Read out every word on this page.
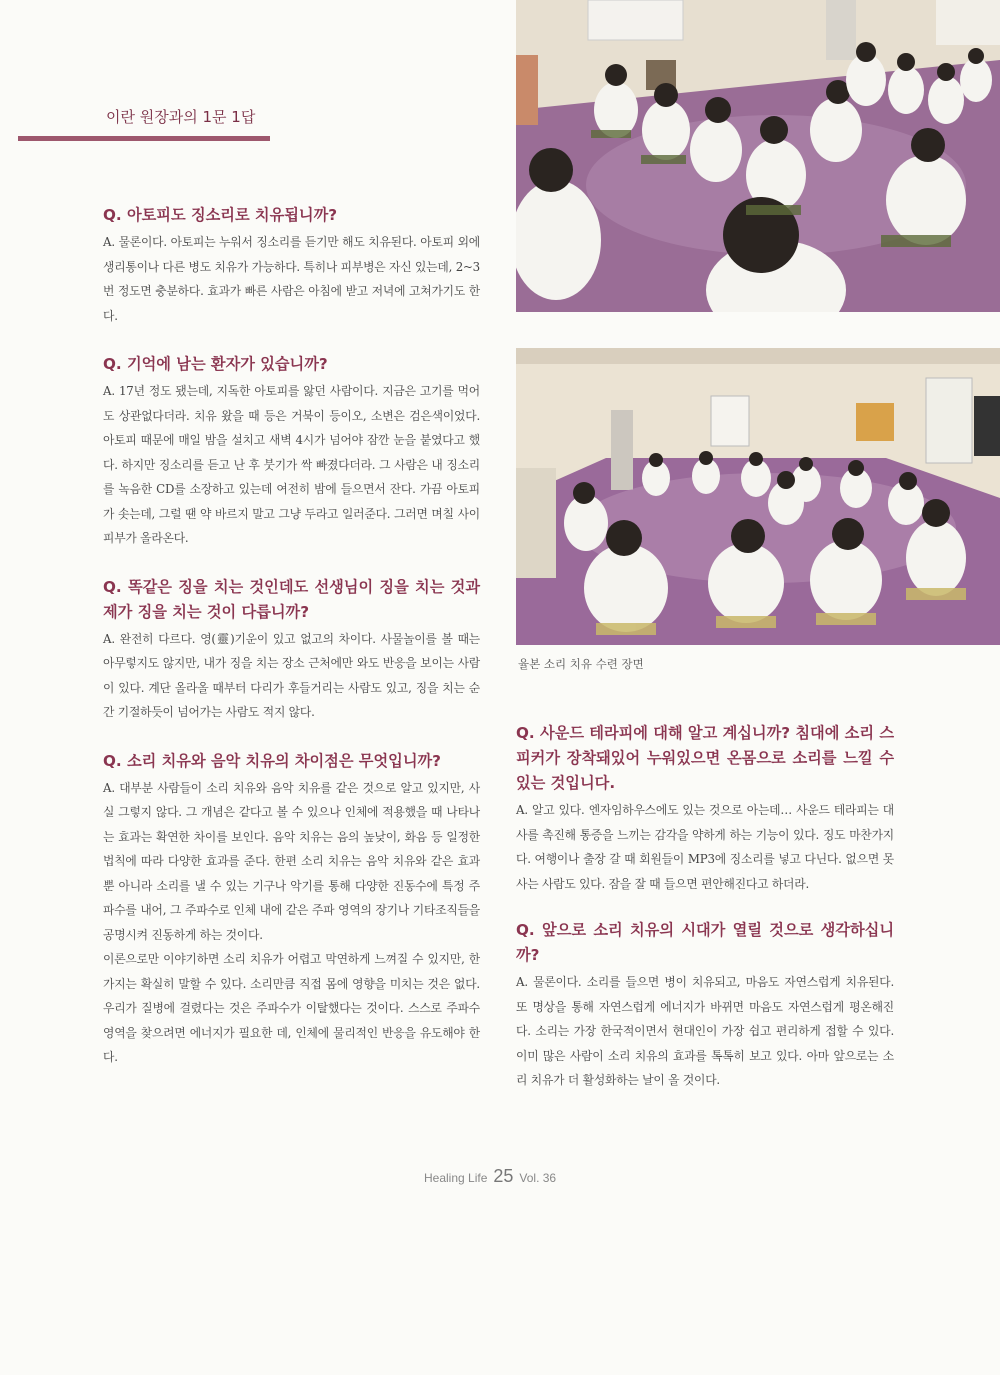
이란 원장과의 1문 1답

Q. 아토피도 징소리로 치유됩니까?

A. 물론이다. 아토피는 누워서 징소리를 듣기만 해도 치유된다. 아토피 외에 생리통이나 다른 병도 치유가 가능하다. 특히나 피부병은 자신 있는데, 2~3번 정도면 충분하다. 효과가 빠른 사람은 아침에 받고 저녁에 고쳐가기도 한다.

Q. 기억에 남는 환자가 있습니까?

A. 17년 정도 됐는데, 지독한 아토피를 앓던 사람이다. 지금은 고기를 먹어도 상관없다더라. 치유 왔을 때 등은 거북이 등이오, 소변은 검은색이었다. 아토피 때문에 매일 밤을 설치고 새벽 4시가 넘어야 잠깐 눈을 붙였다고 했다. 하지만 징소리를 듣고 난 후 붓기가 싹 빠졌다더라. 그 사람은 내 징소리를 녹음한 CD를 소장하고 있는데 여전히 밤에 들으면서 잔다. 가끔 아토피가 솟는데, 그럴 땐 약 바르지 말고 그냥 두라고 일러준다. 그러면 며칠 사이 피부가 올라온다.

Q. 똑같은 징을 치는 것인데도 선생님이 징을 치는 것과 제가 징을 치는 것이 다릅니까?

A. 완전히 다르다. 영(靈)기운이 있고 없고의 차이다. 사물놀이를 볼 때는 아무렇지도 않지만, 내가 징을 치는 장소 근처에만 와도 반응을 보이는 사람이 있다. 계단 올라올 때부터 다리가 후들거리는 사람도 있고, 징을 치는 순간 기절하듯이 넘어가는 사람도 적지 않다.

Q. 소리 치유와 음악 치유의 차이점은 무엇입니까?

A. 대부분 사람들이 소리 치유와 음악 치유를 같은 것으로 알고 있지만, 사실 그렇지 않다. 그 개념은 같다고 볼 수 있으나 인체에 적용했을 때 나타나는 효과는 확연한 차이를 보인다. 음악 치유는 음의 높낮이, 화음 등 일정한 법칙에 따라 다양한 효과를 준다. 한편 소리 치유는 음악 치유와 같은 효과 뿐 아니라 소리를 낼 수 있는 기구나 악기를 통해 다양한 진동수에 특정 주파수를 내어, 그 주파수로 인체 내에 같은 주파 영역의 장기나 기타조직들을 공명시켜 진동하게 하는 것이다.

이론으로만 이야기하면 소리 치유가 어렵고 막연하게 느껴질 수 있지만, 한 가지는 확실히 말할 수 있다. 소리만큼 직접 몸에 영향을 미치는 것은 없다. 우리가 질병에 걸렸다는 것은 주파수가 이탈했다는 것이다. 스스로 주파수 영역을 찾으려면 에너지가 필요한 데, 인체에 물리적인 반응을 유도해야 한다.

율본 소리 치유 수련 장면

Q. 사운드 테라피에 대해 알고 계십니까? 침대에 소리 스피커가 장착돼있어 누워있으면 온몸으로 소리를 느낄 수 있는 것입니다.

A. 알고 있다. 엔자임하우스에도 있는 것으로 아는데… 사운드 테라피는 대사를 촉진해 통증을 느끼는 감각을 약하게 하는 기능이 있다. 징도 마찬가지다. 여행이나 출장 갈 때 회원들이 MP3에 징소리를 넣고 다닌다. 없으면 못사는 사람도 있다. 잠을 잘 때 들으면 편안해진다고 하더라.

Q. 앞으로 소리 치유의 시대가 열릴 것으로 생각하십니까?

A. 물론이다. 소리를 들으면 병이 치유되고, 마음도 자연스럽게 치유된다. 또 명상을 통해 자연스럽게 에너지가 바뀌면 마음도 자연스럽게 평온해진다. 소리는 가장 한국적이면서 현대인이 가장 쉽고 편리하게 접할 수 있다. 이미 많은 사람이 소리 치유의 효과를 톡톡히 보고 있다. 아마 앞으로는 소리 치유가 더 활성화하는 날이 올 것이다.

Healing Life 25 Vol. 36
